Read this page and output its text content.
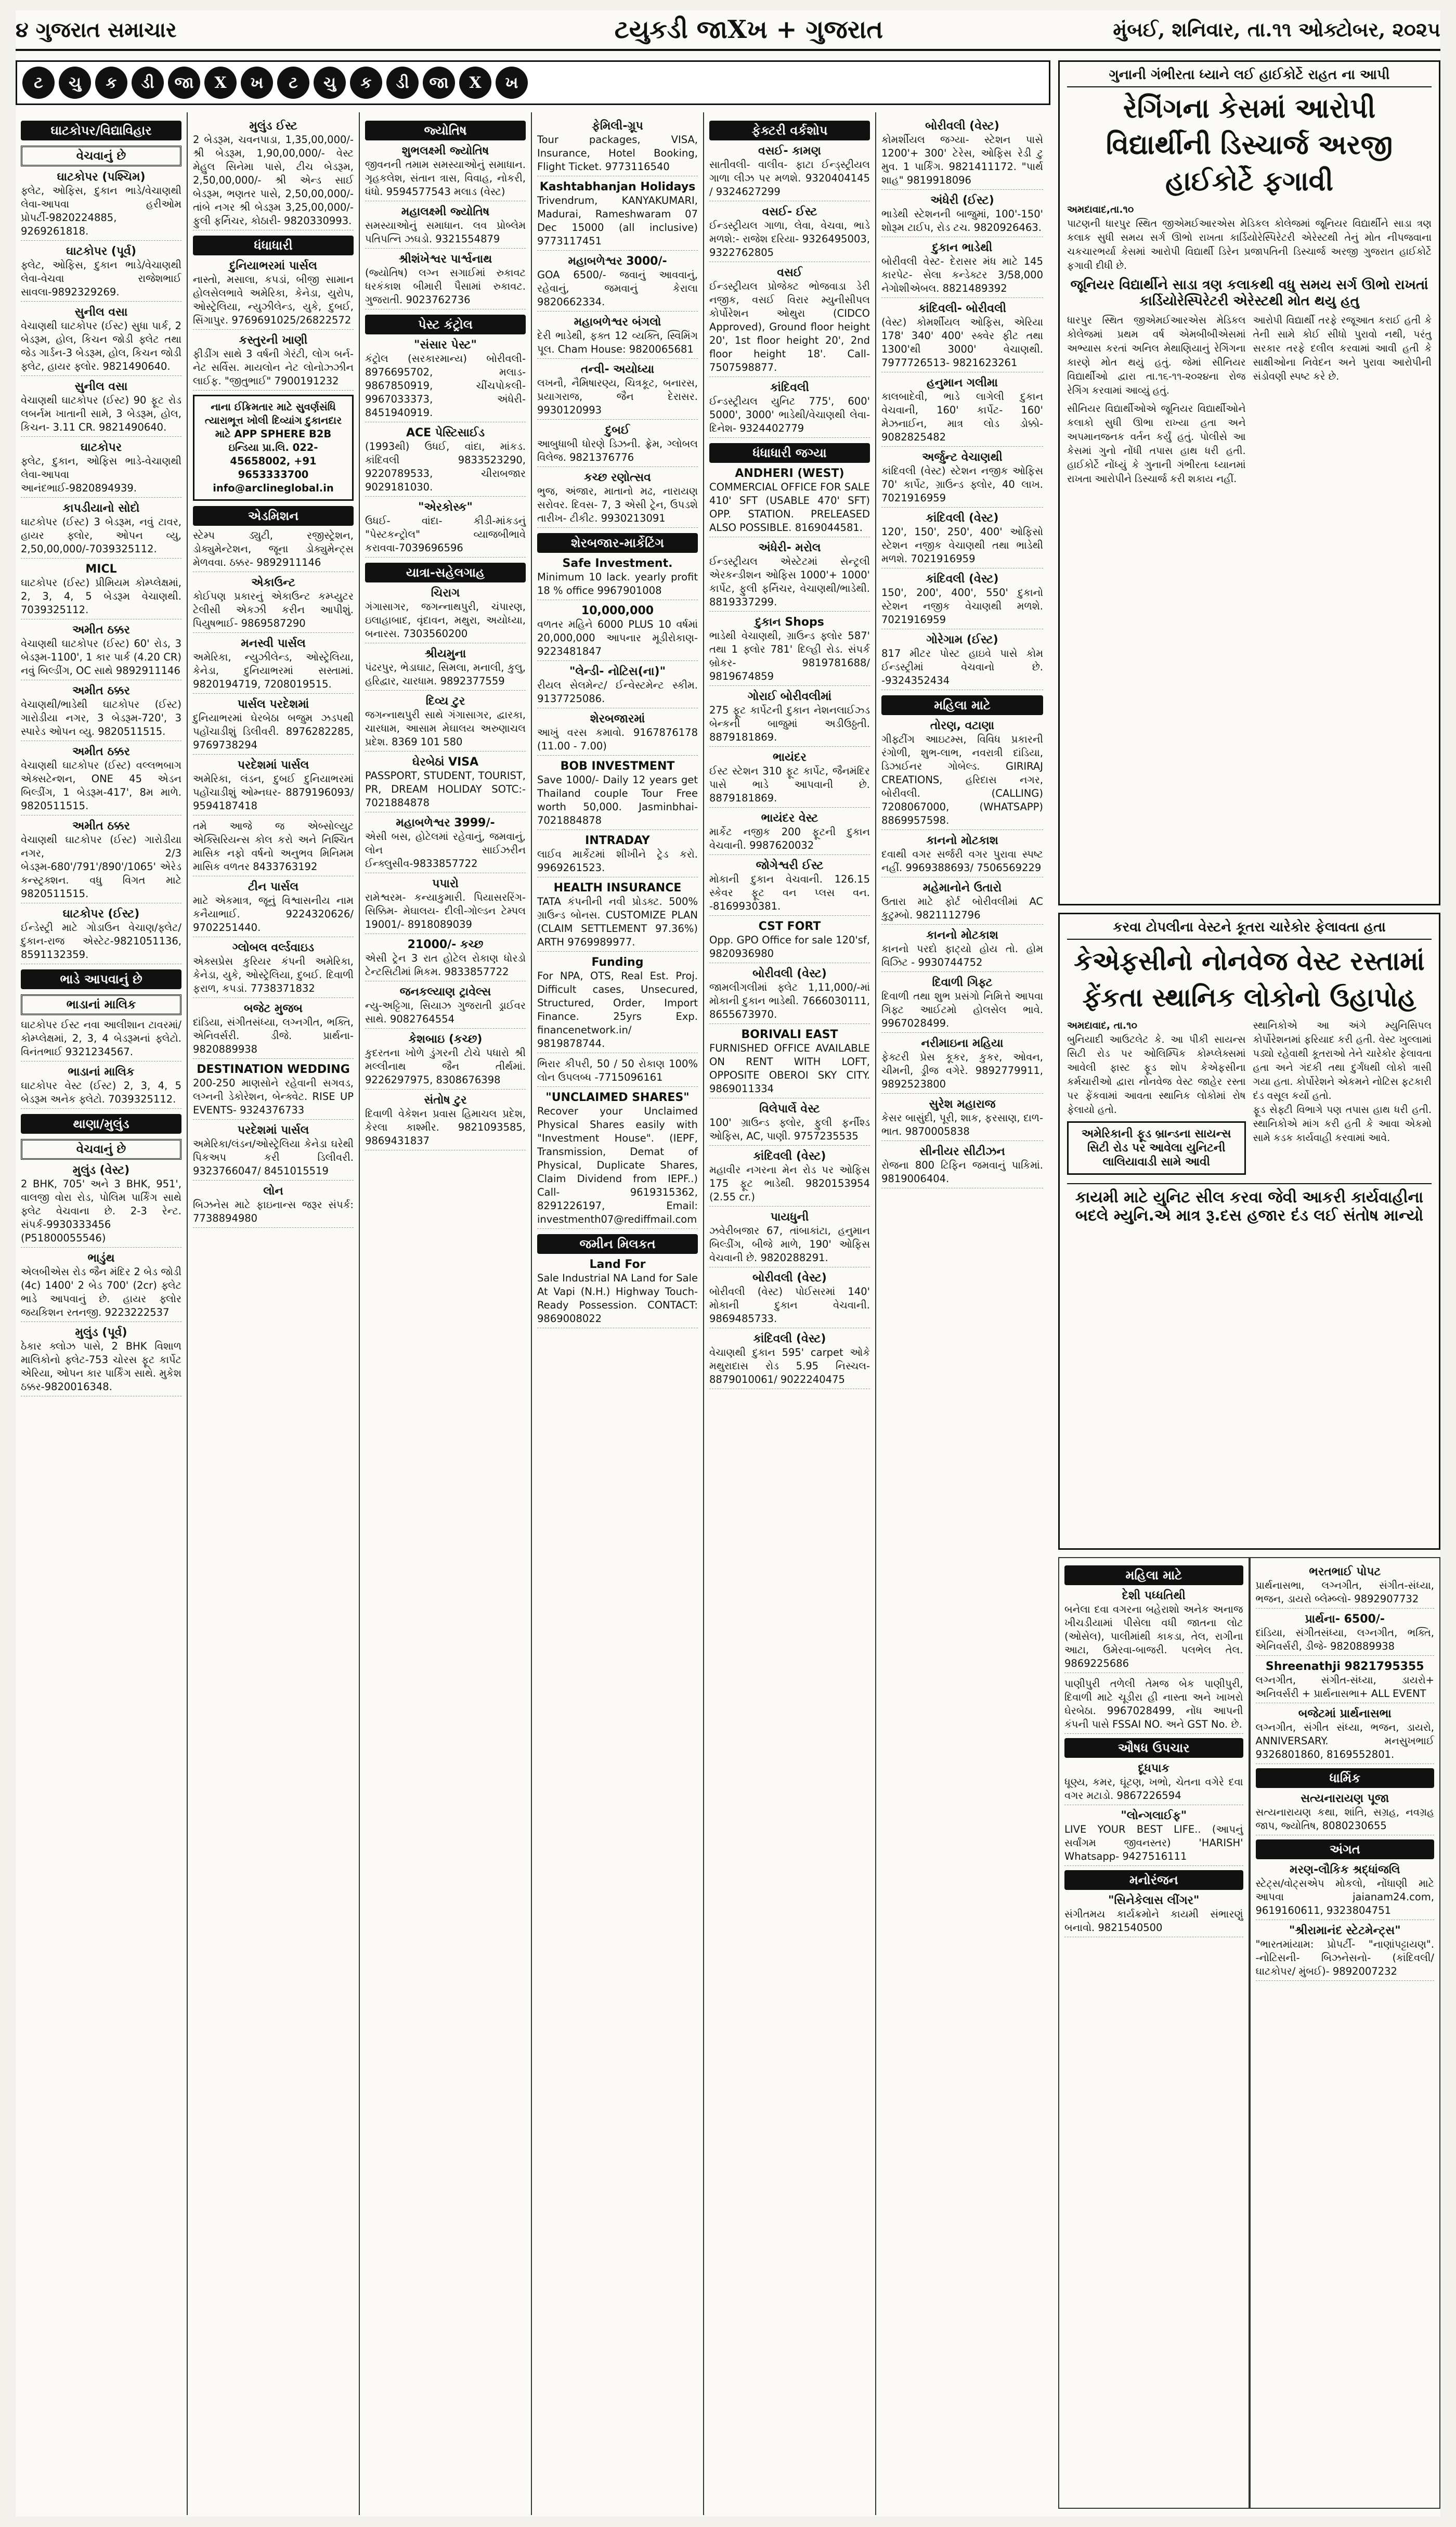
૪ ગુજરાત સમાચાર	ટયુકડી જાXખ + ગુજરાત	મુંબઈ, શનિવાર, તા.૧૧ ઓક્ટોબર, ૨૦૨૫
ટ	ચુ	ક	ડી	જા	X	ખ	ટ	ચુ	ક	ડી	જા	X	ખ
ઘાટકોપર/વિદ્યાવિહાર
વેચવાનું છે
ઘાટકોપર (પશ્ચિમ)

ફ્લેટ, ઓફિસ, દુકાન ભાડે/વેચાણથી લેવા-આપવા હરીઓમ પ્રોપર્ટી-9820224885, 9269261818.

ઘાટકોપર (પૂર્વ)

ફ્લેટ, ઓફિસ, દુકાન ભાડે/વેચાણથી લેવા-વેચવા રાજેશભાઈ સાવલા-9892329269.

સુનીલ વસા

વેચાણથી ઘાટકોપર (ઈસ્ટ) સુધા પાર્ક, 2 બેડરૂમ, હોલ, કિચન જોડી ફ્લેટ તથા જેડ ગાર્ડન-3 બેડરૂમ, હોલ, કિચન જોડી ફ્લેટ, હાયર ફ્લોર. 9821490640.

સુનીલ વસા

વેચાણથી ઘાટકોપર (ઈસ્ટ) 90 ફૂટ રોડ લબર્નમ ખાતાની સામે, 3 બેડરૂમ, હોલ, કિચન- 3.11 CR. 9821490640.

ઘાટકોપર

ફ્લેટ, દુકાન, ઓફિસ ભાડે-વેચાણથી લેવા-આપવા આનંદભાઈ-9820894939.

કાપડીયાનો સોદો

ઘાટકોપર (ઈસ્ટ) 3 બેડરૂમ, નવું ટાવર, હાયર ફ્લોર, ઓપન વ્યુ, 2,50,00,000/-7039325112.

MICL

ઘાટકોપર (ઈસ્ટ) પ્રીમિયમ કોમ્પ્લેક્ષમાં, 2, 3, 4, 5 બેડરૂમ વેચાણથી. 7039325112.

અમીત ઠક્કર

વેચાણથી ઘાટકોપર (ઈસ્ટ) 60' રોડ, 3 બેડરૂમ-1100', 1 કાર પાર્ક (4.20 CR) નવું બિલ્ડીંગ, OC સાથે 9892911146

અમીત ઠક્કર

વેચાણથી/ભાડેથી ઘાટકોપર (ઈસ્ટ) ગારોડીયા નગર, 3 બેડરૂમ-720', 3 સ્પારેડ ઓપન વ્યુ. 9820511515.

અમીત ઠક્કર

વેચાણથી ઘાટકોપર (ઈસ્ટ) વલ્લભબાગ એક્સટેન્શન, ONE 45 એડન બિલ્ડીંગ, 1 બેડરૂમ-417', 8મ માળે. 9820511515.

અમીત ઠક્કર

વેચાણથી ઘાટકોપર (ઈસ્ટ) ગારોડીયા નગર, 2/3 બેડરૂમ-680'/791'/890'/1065' એરેડ કન્સ્ટ્રક્શન. વધુ વિગત માટે 9820511515.

ઘાટકોપર (ઈસ્ટ)

ઈન્ડેસ્ટ્રી માટે ગોડાઉન વેચાણ/ફ્લેટ/દુકાન-રાજ એસ્ટેટ-9821051136, 8591132359.

ભાડે આપવાનું છે
ભાડાનાં માલિક

ઘાટકોપર ઈસ્ટ નવા આલીશાન ટાવરમાં/કોમ્પ્લેક્ષમાં, 2, 3, 4 બેડરૂમનાં ફ્લેટો. વિનંતભાઈ 9321234567.

ભાડાનાં માલિક

ઘાટકોપર વેસ્ટ (ઈસ્ટ) 2, 3, 4, 5 બેડરૂમ અનેક ફ્લેટો. 7039325112.

થાણા/મુલુંડ
વેચવાનું છે
મુલુંડ (વેસ્ટ)

2 BHK, 705' અને 3 BHK, 951', વાલજી વોરા રોડ, પોલિમ પાર્કિંગ સાથે ફ્લેટ વેચવાના છે. 2-3 રેન્ટ. સંપર્ક-9930333456 (P51800055546)

ભાડુંથ

એલબીએસ રોડ જૈન મંદિર 2 બેડ જોડી (4c) 1400' 2 બેડ 700' (2cr) ફ્લેટ ભાડે આપવાનું છે. હાયર ફ્લોર જયકિશન રતનજી. 9223222537

મુલુંડ (પૂર્વ)

ઠેકાર ક્લોઝ પાસે, 2 BHK વિશાળ માલિકોનો ફ્લેટ-753 ચોરસ ફૂટ કાર્પેટ એરિયા, ઓપન કાર પાર્કિંગ સાથે. મુકેશ ઠક્કર-9820016348.

મુલુંડ ઈસ્ટ

2 બેડરૂમ, ચવનપાડા, 1,35,00,000/- શ્રી બેડરૂમ, 1,90,00,000/- વેસ્ટ મેહુલ સિનેમા પાસે, ટીચ બેડરૂમ, 2,50,00,000/- શ્રી એન્ડ સાઈ બેડરૂમ, ભણતર પાસે, 2,50,00,000/- તાંબે નગર શ્રી બેડરૂમ 3,25,00,000/- ફુલી ફર્નિચર, કોઠારી- 9820330993.

ધંધાધારી
દુનિયાભરમાં પાર્સલ

નાસ્તો, મસાલા, કપડાં, બીજી સામાન હોલસેલભાવે અમેરિકા, કેનેડા, યુરોપ, ઓસ્ટ્રેલિયા, ન્યુઝીલેન્ડ, યુકે, દુબઈ, સિંગાપુર. 9769691025/26822572

કસ્તુરની ખાણી

ફીડીંગ સાથે 3 વર્ષની ગેરંટી, લોગ બર્ન-નેટ સર્વિસ. માયલોન નેટ લોનોઝ્ઝીન લાઈફ. "જીતુભાઈ" 7900191232

નાના ઈક્રિમતાર માટે સુવર્ણસંધિ ત્યારાભૂત્ત ખોલી દિવ્યાંગ દુકાનદાર માટે APP SPHERE B2B ઇન્ડિયા પ્રા.લિ. 022-45658002, +91 9653333700 info@arclineglobal.in
એડમિશન

સ્ટેમ્પ ડ્યુટી, રજીસ્ટ્રેશન, ડોક્યુમેન્ટેશન, જૂના ડોક્યુમેન્ટ્સ મેળવવા. ઠક્કર- 9892911146

એકાઉન્ટ

કોઈપણ પ્રકારનું એકાઉન્ટ કમ્પ્યુટર ટેલીસી એકઝી કરીન આપીશું. પિયુષભાઈ- 9869587290

મનસ્વી પાર્સલ

અમેરિકા, ન્યુઝીલેન્ડ, ઓસ્ટ્રેલિયા, કેનેડા, દુનિયાભરમાં સસ્તામાં. 9820194719, 7208019515.

પાર્સલ પરદેશમાં

દુનિયાભરમાં ઘેરબેઠા બજુમ ઝડપથી પહોંચાડીશું ડિલીવરી. 8976282285, 9769738294

પરદેશમાં પાર્સલ

અમેરિકા, લંડન, દુબઈ દુનિયાભરમાં પહોંચાડીશું ઓમ્નઘર- 8879196093/ 9594187418

તમે આજે જ એબ્સોલ્યુટ એક્સિરિયન્સ કોલ કરો અને નિશ્ચિત માસિક નફો વર્ષનો અનુભવ મિનિમમ માસિક વળતર 8433763192

ટીન પાર્સલ

માટે એકમાત્ર, જૂનું વિશ્વાસનીય નામ કનૈયાભાઈ. 9224320626/ 9702251440.

ગ્લોબલ વર્લ્ડવાઇડ

એક્સપ્રેસ કુરિયર કંપની અમેરિકા, કેનેડા, યુકે, ઓસ્ટ્રેલિયા, દુબઈ. દિવાળી ફરાળ, કપડાં. 7738371832

બજેટ મુજબ

દાંડિયા, સંગીતસંધ્યા, લગ્નગીત, ભક્તિ, એનિવર્સરી. ડીજે. પ્રાર્થના- 9820889938

DESTINATION WEDDING

200-250 માણસોને રહેવાની સગવડ, લગ્નની ડેકોરેશન, બેન્ક્વેટ. RISE UP EVENTS- 9324376733

પરદેશમાં પાર્સલ

અમેરિકા/લંડન/ઓસ્ટ્રેલિયા કેનેડા ઘરેથી પિકઅપ કરી ડિલીવરી. 9323766047/ 8451015519

લોન

બિઝનેસ માટે ફાઇનાન્સ જરૂર સંપર્ક: 7738894980

જ્યોતિષ
શુભલક્ષ્મી જ્યોતિષ

જીવનની તમામ સમસ્યાઓનું સમાધાન. ગૃહકલેશ, સંતાન ત્રાસ, વિવાહ, નોકરી, ધંધો. 9594577543 મલાડ (વેસ્ટ)

મહાલક્ષ્મી જ્યોતિષ

સમસ્યાઓનું સમાધાન. લવ પ્રોબ્લેમ પતિપત્નિ ઝઘડો. 9321554879

શ્રીશંખેશ્વર પાર્શ્વનાથ

(જ્યોતિષ) લગ્ન સગાઈમાં રુકાવટ ધરકંકાશ બીમારી પૈસામાં રુકાવટ. ગુજરાતી. 9023762736

પેસ્ટ કંટ્રોલ
"સંસાર પેસ્ટ"

કંટ્રોલ (સરકારમાન્ય) બોરીવલી- 8976695702, મલાડ- 9867850919, ચીંચપોકલી- 9967033373, અંધેરી- 8451940919.

ACE પેસ્ટિસાઈડ

(1993થી) ઉધઈ, વાંદા, માંકડ. કાંદિવલી 9833523290, 9220789533, ચીરાબજાર 9029181030.

"એરકોસ્ક"

ઉધઈ- વાંદા- કીડી-માંકડનું "પેસ્ટકન્ટ્રોલ" વ્યાજબીભાવે કરાવવા-7039696596

યાત્રા-સહેલગાહ
ચિરાગ

ગંગાસાગર, જગન્નાથપુરી, ચંપારણ, ઇલાહાબાદ, વૃંદાવન, મથુરા, અયોધ્યા, બનારસ. 7303560200

શ્રીયમુના

પંઢરપુર, ભેડાઘાટ, સિમલા, મનાલી, કુલુ, હરિદ્વાર, ચારધામ. 9892377559

દિવ્ય ટુર

જગન્નાથપુરી સાથે ગંગાસાગર, દ્વારકા, ચારધામ, આસામ મેઘાલય અરુણાચલ પ્રદેશ. 8369 101 580

ઘેરબેઠાં VISA

PASSPORT, STUDENT, TOURIST, PR, DREAM HOLIDAY SOTC:- 7021884878

મહાબળેશ્વર 3999/-

એસી બસ, હોટેલમાં રહેવાનું, જમવાનું, લોન સાઈઝરીન ઈન્ક્લુસીવ-9833857722

પપારો

રામેશ્વરમ- કન્યાકુમારી. પિયાસરરિંગ- સિક્કિમ- મેઘાલય- દીલી-ગોલ્ડન ટેમ્પલ 19001/- 8918089039

21000/- કચ્છ

એસી ટ્રેન 3 રાત હોટેલ રોકાણ ધોરડો ટેન્ટસિટીમાં મિકમ. 9833857722

જનકલ્યાણ ટ્રાવેલ્સ

ન્યુ-અટ્ટિગા, સિયાઝ ગુજરાતી ડ્રાઈવર સાથે. 9082764554

કેશબાઇ (કચ્છ)

કુદરતના ખોળે ડુંગરની ટોચે પધારો શ્રી મલ્લીનાથ જૈન તીર્થમાં. 9226297975, 8308676398

સંતોષ ટુર

દિવાળી વેકેશન પ્રવાસ હિમાચલ પ્રદેશ, કેરલા કાશ્મીર. 9821093585, 9869431837

ફેમિલી-ગ્રૂપ

Tour packages, VISA, Insurance, Hotel Booking, Flight Ticket. 9773116540

Kashtabhanjan Holidays

Trivendrum, KANYAKUMARI, Madurai, Rameshwaram 07 Dec 15000 (all inclusive) 9773117451

મહાબળેશ્વર 3000/-

GOA 6500/- જવાનું આવવાનું, રહેવાનું, જમવાનું કેરાલા 9820662334.

મહાબળેશ્વર બંગલો

દેરી ભાડેથી, ફક્ત 12 વ્યક્તિ, સ્વિમિંગ પૂલ. Cham House: 9820065681

તન્વી- અયોધ્યા

લખનૌ, નૈમિષારણ્ય, ચિત્રકૂટ, બનારસ, પ્રયાગરાજ, જૈન દેરાસર. 9930120993

દુબઈ

આબુધાબી ધોરણે ડિઝની. ફ્રેમ, ગ્લોબલ વિલેજ. 9821376776

કચ્છ રણોત્સવ

ભુજ, અંજાર, માતાનો મઢ, નારાયણ સરોવર. દિવસ- 7, 3 એસી ટ્રેન, ઉપડશે તારીખ- ટીકીટ. 9930213091

શેરબજાર-માર્કેટિંગ
Safe Investment.

Minimum 10 lack. yearly profit 18 % office 9967901008

10,000,000

વળતર મહિને 6000 PLUS 10 વર્ષમાં 20,000,000 આપનાર મૂડીરોકાણ- 9223481847

"લેન્ડી- નોટિસ(ના)"

રીયલ સેલમેન્ટ/ ઈન્વેસ્ટમેન્ટ સ્કીમ. 9137725086.

શેરબજારમાં

આખું વરસ કમાવો. 9167876178 (11.00 - 7.00)

BOB INVESTMENT

Save 1000/- Daily 12 years get Thailand couple Tour Free worth 50,000. Jasminbhai-7021884878

INTRADAY

લાઈવ માર્કેટમાં શીખીને ટ્રેડ કરો. 9969261523.

HEALTH INSURANCE

TATA કંપનીની નવી પ્રોડક્ટ. 500% ગ્રાઉન્ડ બોનસ. CUSTOMIZE PLAN (CLAIM SETTLEMENT 97.36%) ARTH 9769989977.

Funding

For NPA, OTS, Real Est. Proj. Difficult cases, Unsecured, Structured, Order, Import Finance. 25yrs Exp. financenetwork.in/ 9819878744.

ભિરાર કીપરી, 50 / 50 રોકાણ 100% લોન ઉપલબ્ધ -7715096161

"UNCLAIMED SHARES"

Recover your Unclaimed Physical Shares easily with "Investment House". (IEPF, Transmission, Demat of Physical, Duplicate Shares, Claim Dividend from IEPF..) Call- 9619315362, 8291226197, Email: investmenth07@rediffmail.com

જમીન મિલકત
Land For

Sale Industrial NA Land for Sale At Vapi (N.H.) Highway Touch- Ready Possession. CONTACT: 9869008022

ફેક્ટરી વર્કશોપ
વસઈ- કામણ

સાતીવલી- વાલીવ- ફાટા ઈન્ડ્સ્ટ્રીયલ ગાળા લીઝ પર મળશે. 9320404145 / 9324627299

વસઈ- ઈસ્ટ

ઈન્ડસ્ટ્રીયલ ગાળા, લેવા, વેચવા, ભાડે મળશે:- રાજેશ દરિયા- 9326495003, 9322762805

વસઈ

ઈન્ડસ્ટ્રીયલ પ્રોજેક્ટ ભોજવાડા ડેરી નજીક, વસઈ વિરાર મ્યુનીસીપલ કોર્પોરેશન ઓથુરા (CIDCO Approved), Ground floor height 20', 1st floor height 20', 2nd floor height 18'. Call-7507598877.

કાંદિવલી

ઈન્ડસ્ટ્રીયલ યુનિટ 775', 600' 5000', 3000' ભાડેથી/વેચાણથી લેવા-દિનેશ- 9324402779

ધંધાધારી જગ્યા
ANDHERI (WEST)

COMMERCIAL OFFICE FOR SALE 410' SFT (USABLE 470' SFT) OPP. STATION. PRELEASED ALSO POSSIBLE. 8169044581.

અંધેરી- મરોલ

ઈન્ડસ્ટ્રીયલ એસ્ટેટમાં સેન્ટ્રલી એરકન્ડીશન ઓફિસ 1000'+ 1000' કાર્પેટ, ફુલી ફર્નિચર, વેચાણથી/ભાડેથી. 8819337299.

દુકાન Shops

ભાડેથી વેચાણથી, ગ્રાઉન્ડ ફ્લોર 587' તથા 1 ફ્લોર 781' દિલ્હી રોડ. સંપર્ક બ્રોકર- 9819781688/ 9819674859

ગોરાઈ બોરીવલીમાં

275 ફૂટ કાર્પેટની દુકાન નેશનલાઈઝ્ડ બેન્કની બાજુમાં અડીઉઠ્ઠતી. 8879181869.

ભાયંદર

ઈસ્ટ સ્ટેશન 310 ફૂટ કાર્પેટ, જૈનમંદિર પાસે ભાડે આપવાની છે. 8879181869.

ભાયંદર વેસ્ટ

માર્કેટ નજીક 200 ફૂટની દુકાન વેચવાની. 9987620032

જોગેશ્વરી ઈસ્ટ

મોકાની દુકાન વેચવાની. 126.15 સ્કેવર ફૂટ વન પ્લસ વન. -8169930381.

CST FORT

Opp. GPO Office for sale 120'sf, 9820936980

બોરીવલી (વેસ્ટ)

જામલીગલીમાં ફ્લેટ 1,11,000/-માં મોકાની દુકાન ભાડેથી. 7666030111, 8655673970.

BORIVALI EAST

FURNISHED OFFICE AVAILABLE ON RENT WITH LOFT, OPPOSITE OBEROI SKY CITY. 9869011334

વિલેપાર્લે વેસ્ટ

100' ગ્રાઉન્ડ ફ્લોર, ફુલી ફર્નીશ્ડ ઓફિસ, AC, પાણી. 9757235535

કાંદિવલી (વેસ્ટ)

મહાવીર નગરના મેન રોડ પર ઓફિસ 175 ફૂટ ભાડેથી. 9820153954 (2.55 cr.)

પાયધુની

ઝવેરીબજાર 67, તાંબાકાંટા, હનુમાન બિલ્ડીંગ, બીજે માળે, 190' ઓફિસ વેચવાની છે. 9820288291.

બોરીવલી (વેસ્ટ)

બોરીવલી (વેસ્ટ) પોઈસરમાં 140' મોકાની દુકાન વેચવાની. 9869485733.

કાંદિવલી (વેસ્ટ)

વેચાણથી દુકાન 595' carpet ઓકે મથુરાદાસ રોડ 5.95 નિસ્ચલ- 8879010061/ 9022240475

બોરીવલી (વેસ્ટ)

કોમર્શીયલ જગ્યા- સ્ટેશન પાસે 1200'+ 300' ટેરેસ, ઓફિસ રેડી ટુ મુવ. 1 પાર્કિંગ. 9821411172. "પાર્થ શાહ" 9819918096

અંધેરી (ઈસ્ટ)

ભાડેથી સ્ટેશનની બાજુમાં, 100'-150' શોરૂમ ટાઈપ, રોડ ટચ. 9820926463.

દુકાન ભાડેથી

બોરીવલી વેસ્ટ- દેરાસર મંધ માટે 145 કારપેટ- સેલા કન્ડેક્ટર 3/58,000 નેગોશીએબલ. 8821489392

કાંદિવલી- બોરીવલી

(વેસ્ટ) કોમર્શીયલ ઓફિસ, એરિયા 178' 340' 400' સ્ક્વેર ફીટ તથા 1300'થી 3000' વેચાણથી. 7977726513- 9821623261

હનુમાન ગલીમા

કાલબાદેવી, ભાડે લાગેલી દુકાન વેચવાની, 160' કાર્પેટ- 160' મેઝનાઈન, માત્ર લોડ ડોક્કો- 9082825482

અર્જુન્ટ વેચાણથી

કાંદિવલી (વેસ્ટ) સ્ટેશન નજીક ઓફિસ 70' કાર્પેટ, ગ્રાઉન્ડ ફ્લોર, 40 લાખ. 7021916959

કાંદિવલી (વેસ્ટ)

120', 150', 250', 400' ઓફિસો સ્ટેશન નજીક વેચાણથી તથા ભાડેથી મળશે. 7021916959

કાંદિવલી (વેસ્ટ)

150', 200', 400', 550' દુકાનો સ્ટેશન નજીક વેચાણથી મળશે. 7021916959

ગોરેગામ (ઈસ્ટ)

817 મીટર પોસ્ટ હાઇવે પાસે કોમ ઈન્ડસ્ટ્રીમાં વેચવાનો છે. -9324352434

મહિલા માટે
તોરણ, વટાણા

ગીફ્ટીંગ આઇટમ્સ, વિવિધ પ્રકારની રંગોળી, શુભ-લાભ, નવરાત્રી દાંડિયા, ડિઝાઈનર ગોબેલ્ડ. GIRIRAJ CREATIONS, હરિદાસ નગર, બોરીવલી. (CALLING) 7208067000, (WHATSAPP) 8869957598.

કાનનો મોટકાશ

દવાથી વગર સર્જરી વગર પુરાવા સ્પષ્ટ નહીં. 9969388693/ 7506569229

મહેમાનોને ઉતારો

ઉતારા માટે ફોર્ટ બોરીવલીમાં AC કુટુમ્બો. 9821112796

કાનનો મોટકાશ

કાનનો પરદો ફાટ્યો હોય તો. હોમ વિઝિટ - 9930744752

દિવાળી ગિફ્ટ

દિવાળી તથા શુભ પ્રસંગો નિમિત્તે આપવા ગિફ્ટ આઈટમો હોલસેલ ભાવે. 9967028499.

નરીમાઇના મહિયા

ફેક્ટરી પ્રેસ કૂકર, કુકર, ઓવન, ચીમની, ડ્રીજ વગેરે. 9892779911, 9892523800

સુરેશ મહારાજ

કેસર બાસુંદી, પૂરી, શાક, ફરસાણ, દાળ- ભાત. 9870005838

સીનીયર સીટીઝન

રોજના 800 ટિફિન જમવાનું પાકિમાં. 9819006404.

ગુનાની ગંભીરતા ધ્યાને લઈ હાઈકોર્ટે રાહત ના આપી
રેગિંગના કેસમાં આરોપી વિદ્યાર્થીની ડિસ્ચાર્જ અરજી હાઈકોર્ટે ફગાવી
અમદાવાદ,તા.૧૦

પાટણની ધારપુર સ્થિત જીએમઈઆરએસ મેડિકલ કોલેજમાં જૂનિયર વિદ્યાર્થીને સાડા ત્રણ કલાક સુધી સમય સર્ગ ઊભો રાખતા કાર્ડિયોરેસ્પિરેટરી એરેસ્ટથી તેનું મોત નીપજવાના ચકચારભર્યા કેસમાં આરોપી વિદ્યાર્થી ડિરેન પ્રજાપતિની ડિસ્ચાર્જ અરજી ગુજરાત હાઈકોર્ટે ફગાવી દીધી છે.

જૂનિયર વિદ્યાર્થીને સાડા ત્રણ કલાકથી વધુ સમય સર્ગ ઊભો રાખતાં કાર્ડિયોરેસ્પિરેટરી એરેસ્ટથી મોત થયુ હતુ

ધારપુર સ્થિત જીએમઈઆરએસ મેડિકલ કોલેજમાં પ્રથમ વર્ષ એમબીબીએસમાં અભ્યાસ કરતાં અનિલ મેથાણિયાનું રેગિંગના કારણે મોત થયું હતું. જેમાં સીનિયર વિદ્યાર્થીઓ દ્વારા તા.૧૬-૧૧-૨૦૨૪ના રોજ રેગિંગ કરવામાં આવ્યું હતું.

સીનિયર વિદ્યાર્થીઓએ જૂનિયર વિદ્યાર્થીઓને કલાકો સુધી ઊભા રાખ્યા હતા અને અપમાનજનક વર્તન કર્યું હતું. પોલીસે આ કેસમાં ગુનો નોંધી તપાસ હાથ ધરી હતી. હાઈકોર્ટે નોંધ્યું કે ગુનાની ગંભીરતા ધ્યાનમાં રાખતા આરોપીને ડિસ્ચાર્જ કરી શકાય નહીં.

આરોપી વિદ્યાર્થી તરફે રજૂઆત કરાઈ હતી કે તેની સામે કોઈ સીધો પુરાવો નથી, પરંતુ સરકાર તરફે દલીલ કરવામાં આવી હતી કે સાક્ષીઓના નિવેદન અને પુરાવા આરોપીની સંડોવણી સ્પષ્ટ કરે છે.

કરવા ટોપલીના વેસ્ટને કૂતરા ચારેકોર ફેલાવતા હતા
કેએફસીનો નોનવેજ વેસ્ટ રસ્તામાં ફેંકતા સ્થાનિક લોકોનો ઉહાપોહ
અમદાવાદ, તા.૧૦

બુનિયાદી આઉટલેટ કે. આ પીકી સાયન્સ સિટી રોડ પર ઓલિમ્પિક કોમ્પ્લેક્સમાં આવેલી ફાસ્ટ ફૂડ શોપ કેએફસીના કર્મચારીઓ દ્વારા નોનવેજ વેસ્ટ જાહેર રસ્તા પર ફેંકવામાં આવતા સ્થાનિક લોકોમાં રોષ ફેલાયો હતો.

અમેરિકાની ફૂડ બ્રાન્ડના સાયન્સ
સિટી રોડ પર આવેલા યુનિટની લાલિયાવાડી સામે આવી

સ્થાનિકોએ આ અંગે મ્યુનિસિપલ કોર્પોરેશનમાં ફરિયાદ કરી હતી. વેસ્ટ ખુલ્લામાં પડ્યો રહેવાથી કૂતરાઓ તેને ચારેકોર ફેલાવતા હતા અને ગંદકી તથા દુર્ગંધથી લોકો ત્રાસી ગયા હતા. કોર્પોરેશને એકમને નોટિસ ફટકારી દંડ વસૂલ કર્યો હતો.

ફૂડ સેફ્ટી વિભાગે પણ તપાસ હાથ ધરી હતી. સ્થાનિકોએ માંગ કરી હતી કે આવા એકમો સામે કડક કાર્યવાહી કરવામાં આવે.

કાયમી માટે યુનિટ સીલ કરવા જેવી આકરી કાર્યવાહીના બદલે મ્યુનિ.એ માત્ર રૂ.દસ હજાર દંડ લઈ સંતોષ માન્યો
મહિલા માટે
દેશી પધ્ધતિથી

બનેલા દવા વગરના બહેરાશો અનેક અનાજ ખીચડીયામાં પીસેલા વધી જાતના લોટ (ઓસેલ), પાલીમાંથી કાકડા, તેલ, રાગીના આટા, ઉમેરવા-બાજરી. પલભેલ તેલ. 9869225686

પાણીપુરી તળેલી તેમજ બેક પાણીપુરી, દિવાળી માટે ચૂડીરા હી નાસ્તા અને ખાખરો ઘેરબેઠા. 9967028499, નોંધ આપની કંપની પાસે FSSAI NO. અને GST No. છે.

ઔષધ ઉપચાર
દૂધપાક

ધૂણ્ય, કમર, ઘૂંટણ, ખભો, ચેતના વગેરે દવા વગર મટાડો. 9867226594

"લોન્ગલાઈફ"

LIVE YOUR BEST LIFE.. (આપનું સર્વાંગમ જીવનસ્તર) 'HARISH' Whatsapp- 9427516111

મનોરંજન
"સિનેકેલાસ લીંગર"

સંગીતમય કાર્યક્રમોને કાયમી સંભારણું બનાવો. 9821540500

ભરતભાઈ પોપટ

પ્રાર્થનાસભા, લગ્નગીત, સંગીત-સંધ્યા, ભજન, ડાયરો બ્લેમ્બ્લો- 9892907732

પ્રાર્થના- 6500/-

દાંડિયા, સંગીતસંધ્યા, લગ્નગીત, ભક્તિ, એનિવર્સરી, ડીજે- 9820889938

Shreenathji 9821795355

લગ્નગીત, સંગીત-સંધ્યા, ડાયરો+ અનિવર્સરી + પ્રાર્થનાસભા+ ALL EVENT

બજેટમાં પ્રાર્થનાસભા

લગ્નગીત, સંગીત સંધ્યા, ભજન, ડાયરો, ANNIVERSARY. મનસુખભાઈ 9326801860, 8169552801.

ધાર્મિક
સત્યનારાયણ પૂજા

સત્યનારાયણ કથા, શાંતિ, સગ્રહ, નવગ્રહ જાપ, જ્યોતિષ, 8080230655

અંગત
મરણ-લૌકિક શ્રદ્ધાંજલિ

સ્ટેટ્સ/વોટ્સએપ મોકલો, નોંધાણી માટે આપવા jaianam24.com, 9619160611, 9323804751

"શ્રીરામાનંદ સ્ટેટમેન્ટ્સ"

"ભારતમાંયામ: પ્રોપર્ટી- "નાણાંપટ્ટાયણ". -નોટિસની- બિઝનેસનો- (કાંદિવલી/ ઘાટકોપર/ મુંબઈ)- 9892007232
